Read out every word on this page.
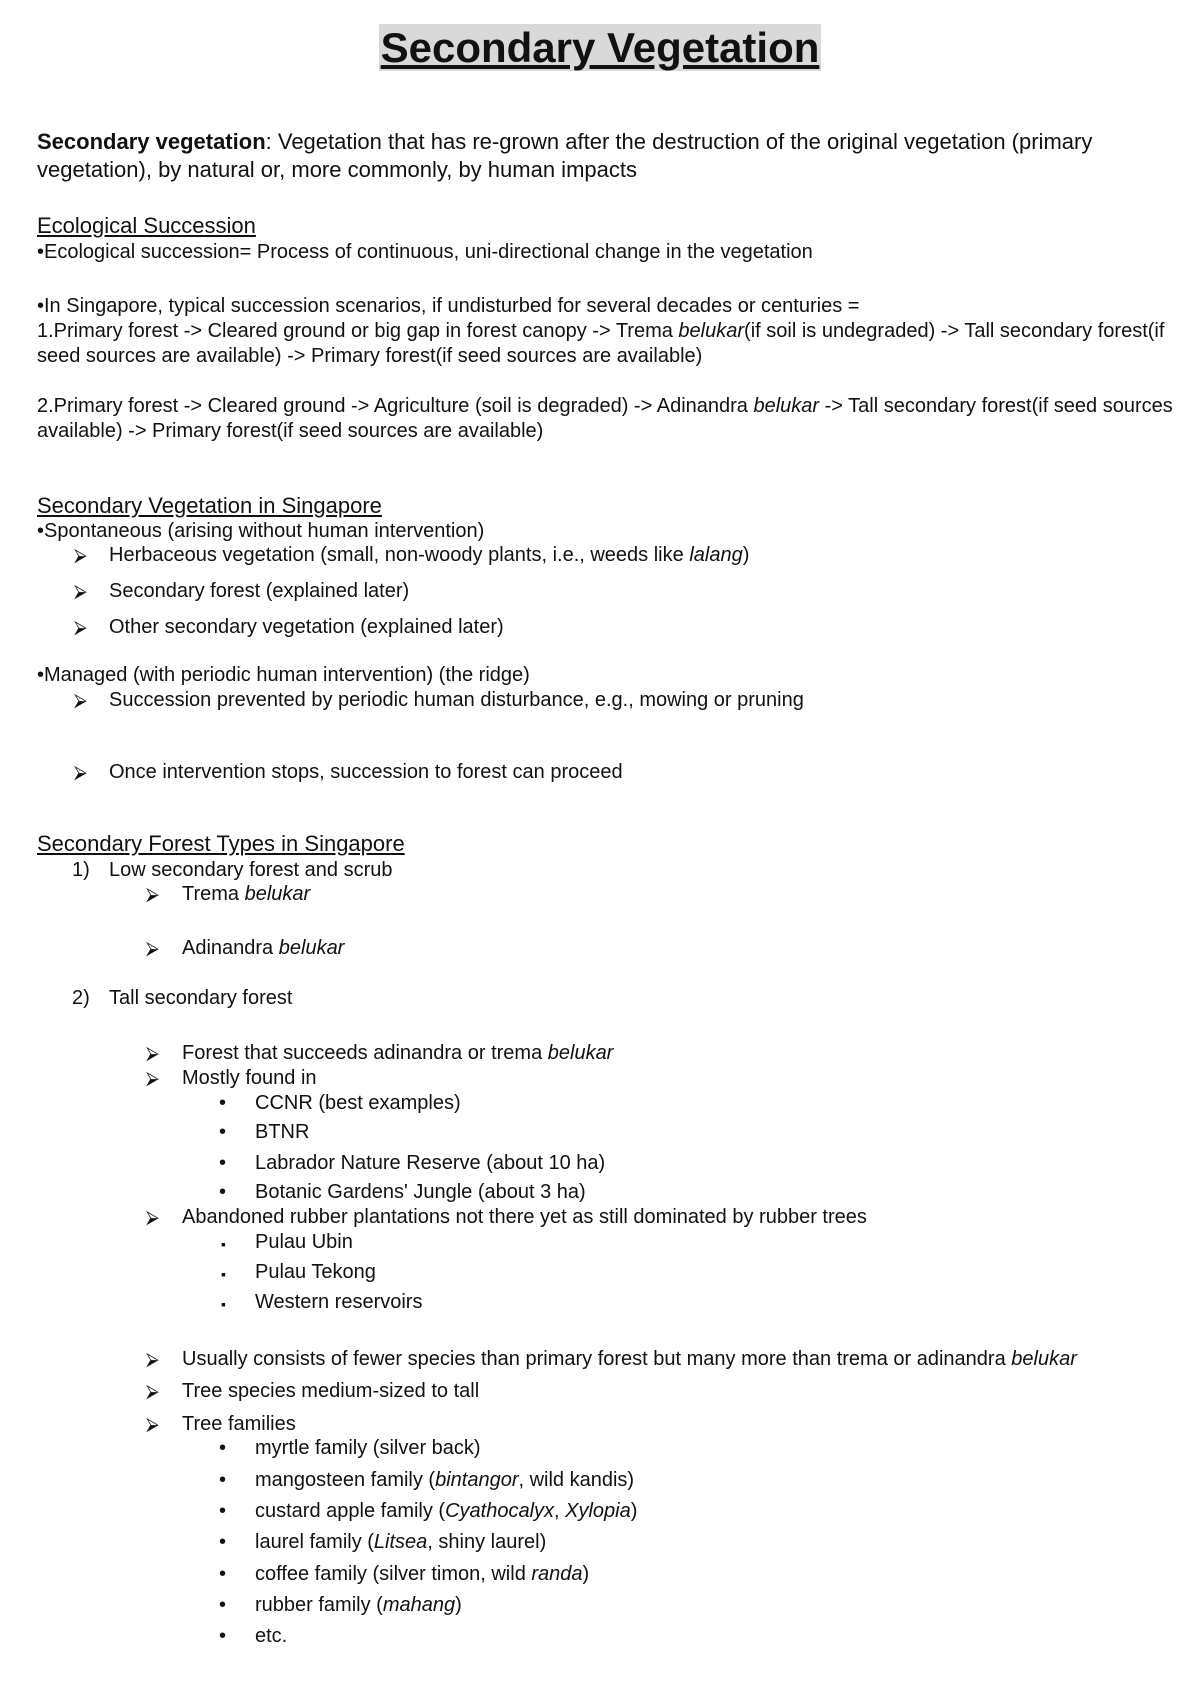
Secondary Vegetation
Secondary vegetation: Vegetation that has re-grown after the destruction of the original vegetation (primary vegetation), by natural or, more commonly, by human impacts
Ecological Succession
•Ecological succession= Process of continuous, uni-directional change in the vegetation
•In Singapore, typical succession scenarios, if undisturbed for several decades or centuries =
1.Primary forest -> Cleared ground or big gap in forest canopy -> Trema belukar(if soil is undegraded) -> Tall secondary forest(if seed sources are available) -> Primary forest(if seed sources are available)
2.Primary forest -> Cleared ground -> Agriculture (soil is degraded) -> Adinandra belukar -> Tall secondary forest(if seed sources available) -> Primary forest(if seed sources are available)
Secondary Vegetation in Singapore
•Spontaneous (arising without human intervention)
⮚ Herbaceous vegetation (small, non-woody plants, i.e., weeds like lalang)
⮚ Secondary forest (explained later)
⮚ Other secondary vegetation (explained later)
•Managed (with periodic human intervention) (the ridge)
⮚ Succession prevented by periodic human disturbance, e.g., mowing or pruning
⮚ Once intervention stops, succession to forest can proceed
Secondary Forest Types in Singapore
1) Low secondary forest and scrub
⮚ Trema belukar
⮚ Adinandra belukar
2) Tall secondary forest
⮚ Forest that succeeds adinandra or trema belukar
⮚ Mostly found in
• CCNR (best examples)
• BTNR
• Labrador Nature Reserve (about 10 ha)
• Botanic Gardens' Jungle (about 3 ha)
⮚ Abandoned rubber plantations not there yet as still dominated by rubber trees
▪ Pulau Ubin
▪ Pulau Tekong
▪ Western reservoirs
⮚ Usually consists of fewer species than primary forest but many more than trema or adinandra belukar
⮚ Tree species medium-sized to tall
⮚ Tree families
• myrtle family (silver back)
• mangosteen family (bintangor, wild kandis)
• custard apple family (Cyathocalyx, Xylopia)
• laurel family (Litsea, shiny laurel)
• coffee family (silver timon, wild randa)
• rubber family (mahang)
• etc.
